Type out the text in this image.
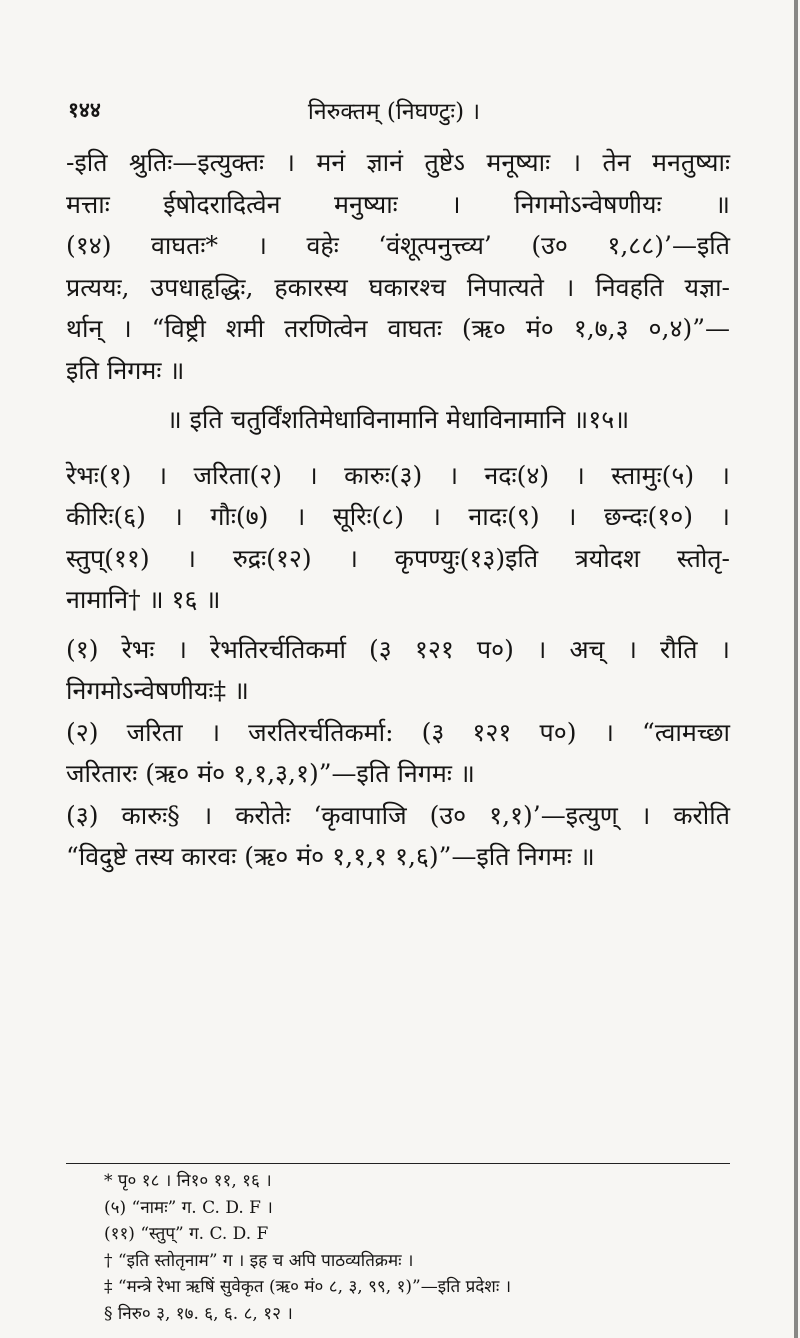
१४४	निरुक्तम् (निघण्टुः) ।
-इति श्रुतिः—इत्युक्तः । मनं ज्ञानं तुष्टेऽ मनूष्याः । तेन मनतुष्याः
मत्ताः ईषोदरादित्वेन मनुष्याः । निगमोऽन्वेषणीयः ॥
(१४) वाघतः* । वहेः ‘वंशूत्पनुत्त्व्य’ (उ० १,८८)’—इति
प्रत्ययः, उपधाहृद्धिः, हकारस्य घकारश्च निपात्यते । निवहति यज्ञा-
र्थान् । “विष्ट्री शमी तरणित्वेन वाघतः (ऋ० मं० १,७,३ ०,४)”—
इति निगमः ॥
॥ इति चतुर्विंशतिमेधाविनामानि मेधाविनामानि ॥१५॥
रेभः(१) । जरिता(२) । कारुः(३) । नदः(४) । स्तामुः(५) ।
कीरिः(६) । गौः(७) । सूरिः(८) । नादः(९) । छन्दः(१०) ।
स्तुप्(११) । रुद्रः(१२) । कृपण्युः(१३)इति त्रयोदश स्तोतृ-
नामानि† ॥ १६ ॥
(१) रेभः । रेभतिरर्चतिकर्मा (३ १२१ प०) । अच् । रौति ।
निगमोऽन्वेषणीयः‡ ॥
(२) जरिता । जरतिरर्चतिकर्मा: (३ १२१ प०) । “त्वामच्छा
जरितारः (ऋ० मं० १,१,३,१)”—इति निगमः ॥
(३) कारुः§ । करोतेः ‘कृवापाजि (उ० १,१)’—इत्युण् । करोति
“विदुष्टे तस्य कारवः (ऋ० मं० १,१,१ १,६)”—इति निगमः ॥
* पृ० १८ । नि१० ११, १६ ।
(५) “नामः” ग. C. D. F ।
(११) “स्तुप्” ग. C. D. F
† “इति स्तोतृनाम” ग । इह च अपि पाठव्यतिक्रमः ।
‡ “मन्त्रे रेभा ऋषिं सुवेकृत (ऋ० मं० ८, ३, ९९, १)”—इति प्रदेशः ।
§ निरु० ३, १७. ६, ६. ८, १२ ।
